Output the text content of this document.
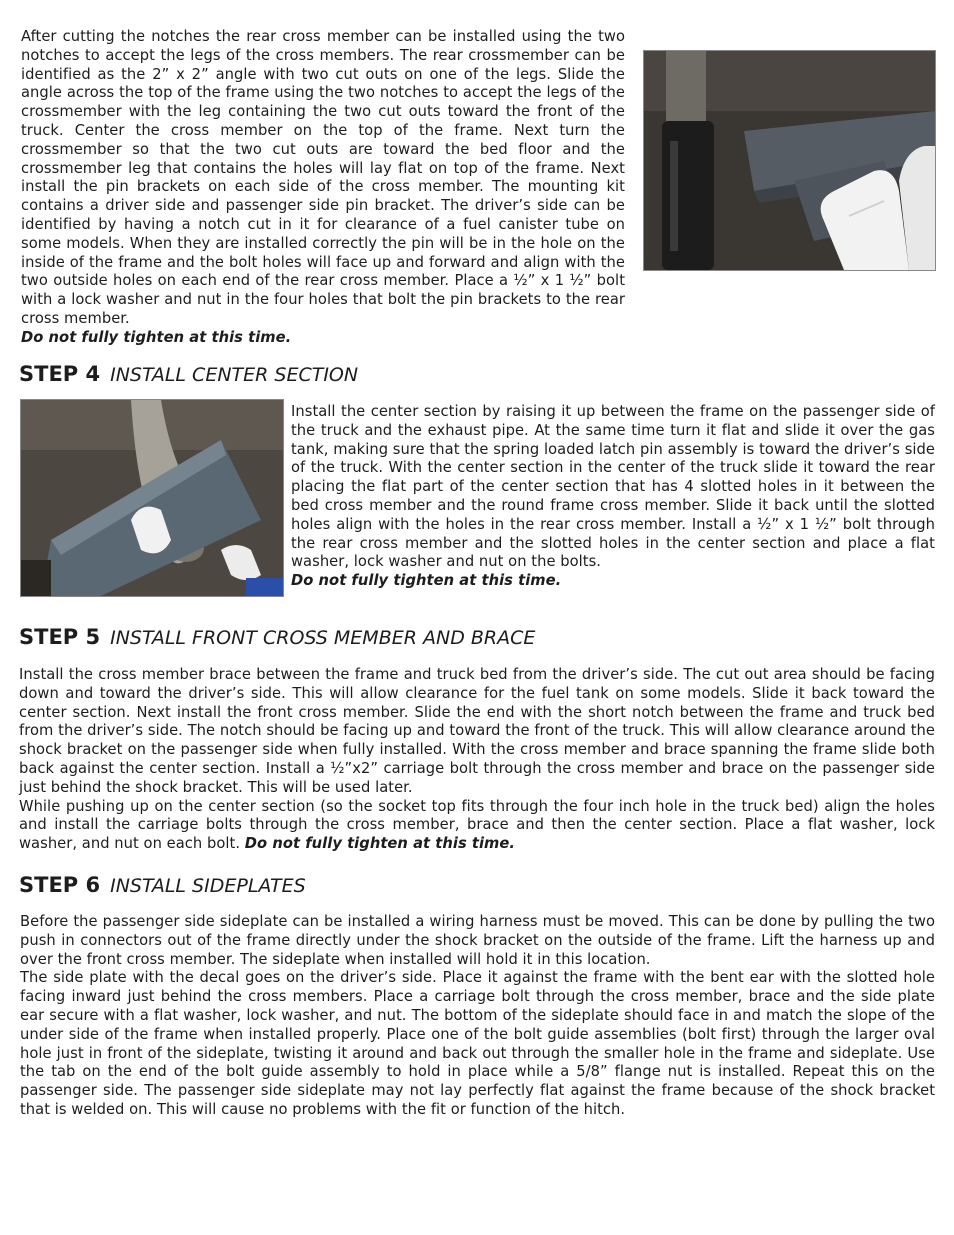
After cutting the notches the rear cross member can be installed using the two notches to accept the legs of the cross members. The rear crossmember can be identified as the 2” x 2” angle with two cut outs on one of the legs. Slide the angle across the top of the frame using the two notches to accept the legs of the crossmember with the leg containing the two cut outs toward the front of the truck. Center the cross member on the top of the frame. Next turn the crossmember so that the two cut outs are toward the bed floor and the crossmember leg that contains the holes will lay flat on top of the frame. Next install the pin brackets on each side of the cross member. The mounting kit contains a driver side and passenger side pin bracket. The driver’s side can be identified by having a notch cut in it for clearance of a fuel canister tube on some models. When they are installed correctly the pin will be in the hole on the inside of the frame and the bolt holes will face up and forward and align with the two outside holes on each end of the rear cross member. Place a ½” x 1 ½” bolt with a lock washer and nut in the four holes that bolt the pin brackets to the rear cross member.

Do not fully tighten at this time.

STEP 4 INSTALL CENTER SECTION

Install the center section by raising it up between the frame on the passenger side of the truck and the exhaust pipe. At the same time turn it flat and slide it over the gas tank, making sure that the spring loaded latch pin assembly is toward the driver’s side of the truck. With the center section in the center of the truck slide it toward the rear placing the flat part of the center section that has 4 slotted holes in it between the bed cross member and the round frame cross member. Slide it back until the slotted holes align with the holes in the rear cross member. Install a ½” x 1 ½” bolt through the rear cross member and the slotted holes in the center section and place a flat washer, lock washer and nut on the bolts.

Do not fully tighten at this time.

STEP 5 INSTALL FRONT CROSS MEMBER AND BRACE

Install the cross member brace between the frame and truck bed from the driver’s side. The cut out area should be facing down and toward the driver’s side. This will allow clearance for the fuel tank on some models. Slide it back toward the center section. Next install the front cross member. Slide the end with the short notch between the frame and truck bed from the driver’s side. The notch should be facing up and toward the front of the truck. This will allow clearance around the shock bracket on the passenger side when fully installed. With the cross member and brace spanning the frame slide both back against the center section. Install a ½”x2” carriage bolt through the cross member and brace on the passenger side just behind the shock bracket. This will be used later.

While pushing up on the center section (so the socket top fits through the four inch hole in the truck bed) align the holes and install the carriage bolts through the cross member, brace and then the center section. Place a flat washer, lock washer, and nut on each bolt. Do not fully tighten at this time.

STEP 6 INSTALL SIDEPLATES

Before the passenger side sideplate can be installed a wiring harness must be moved. This can be done by pulling the two push in connectors out of the frame directly under the shock bracket on the outside of the frame. Lift the harness up and over the front cross member. The sideplate when installed will hold it in this location.

The side plate with the decal goes on the driver’s side. Place it against the frame with the bent ear with the slotted hole facing inward just behind the cross members. Place a carriage bolt through the cross member, brace and the side plate ear secure with a flat washer, lock washer, and nut. The bottom of the sideplate should face in and match the slope of the under side of the frame when installed properly. Place one of the bolt guide assemblies (bolt first) through the larger oval hole just in front of the sideplate, twisting it around and back out through the smaller hole in the frame and sideplate. Use the tab on the end of the bolt guide assembly to hold in place while a 5/8” flange nut is installed. Repeat this on the passenger side. The passenger side sideplate may not lay perfectly flat against the frame because of the shock bracket that is welded on. This will cause no problems with the fit or function of the hitch.
